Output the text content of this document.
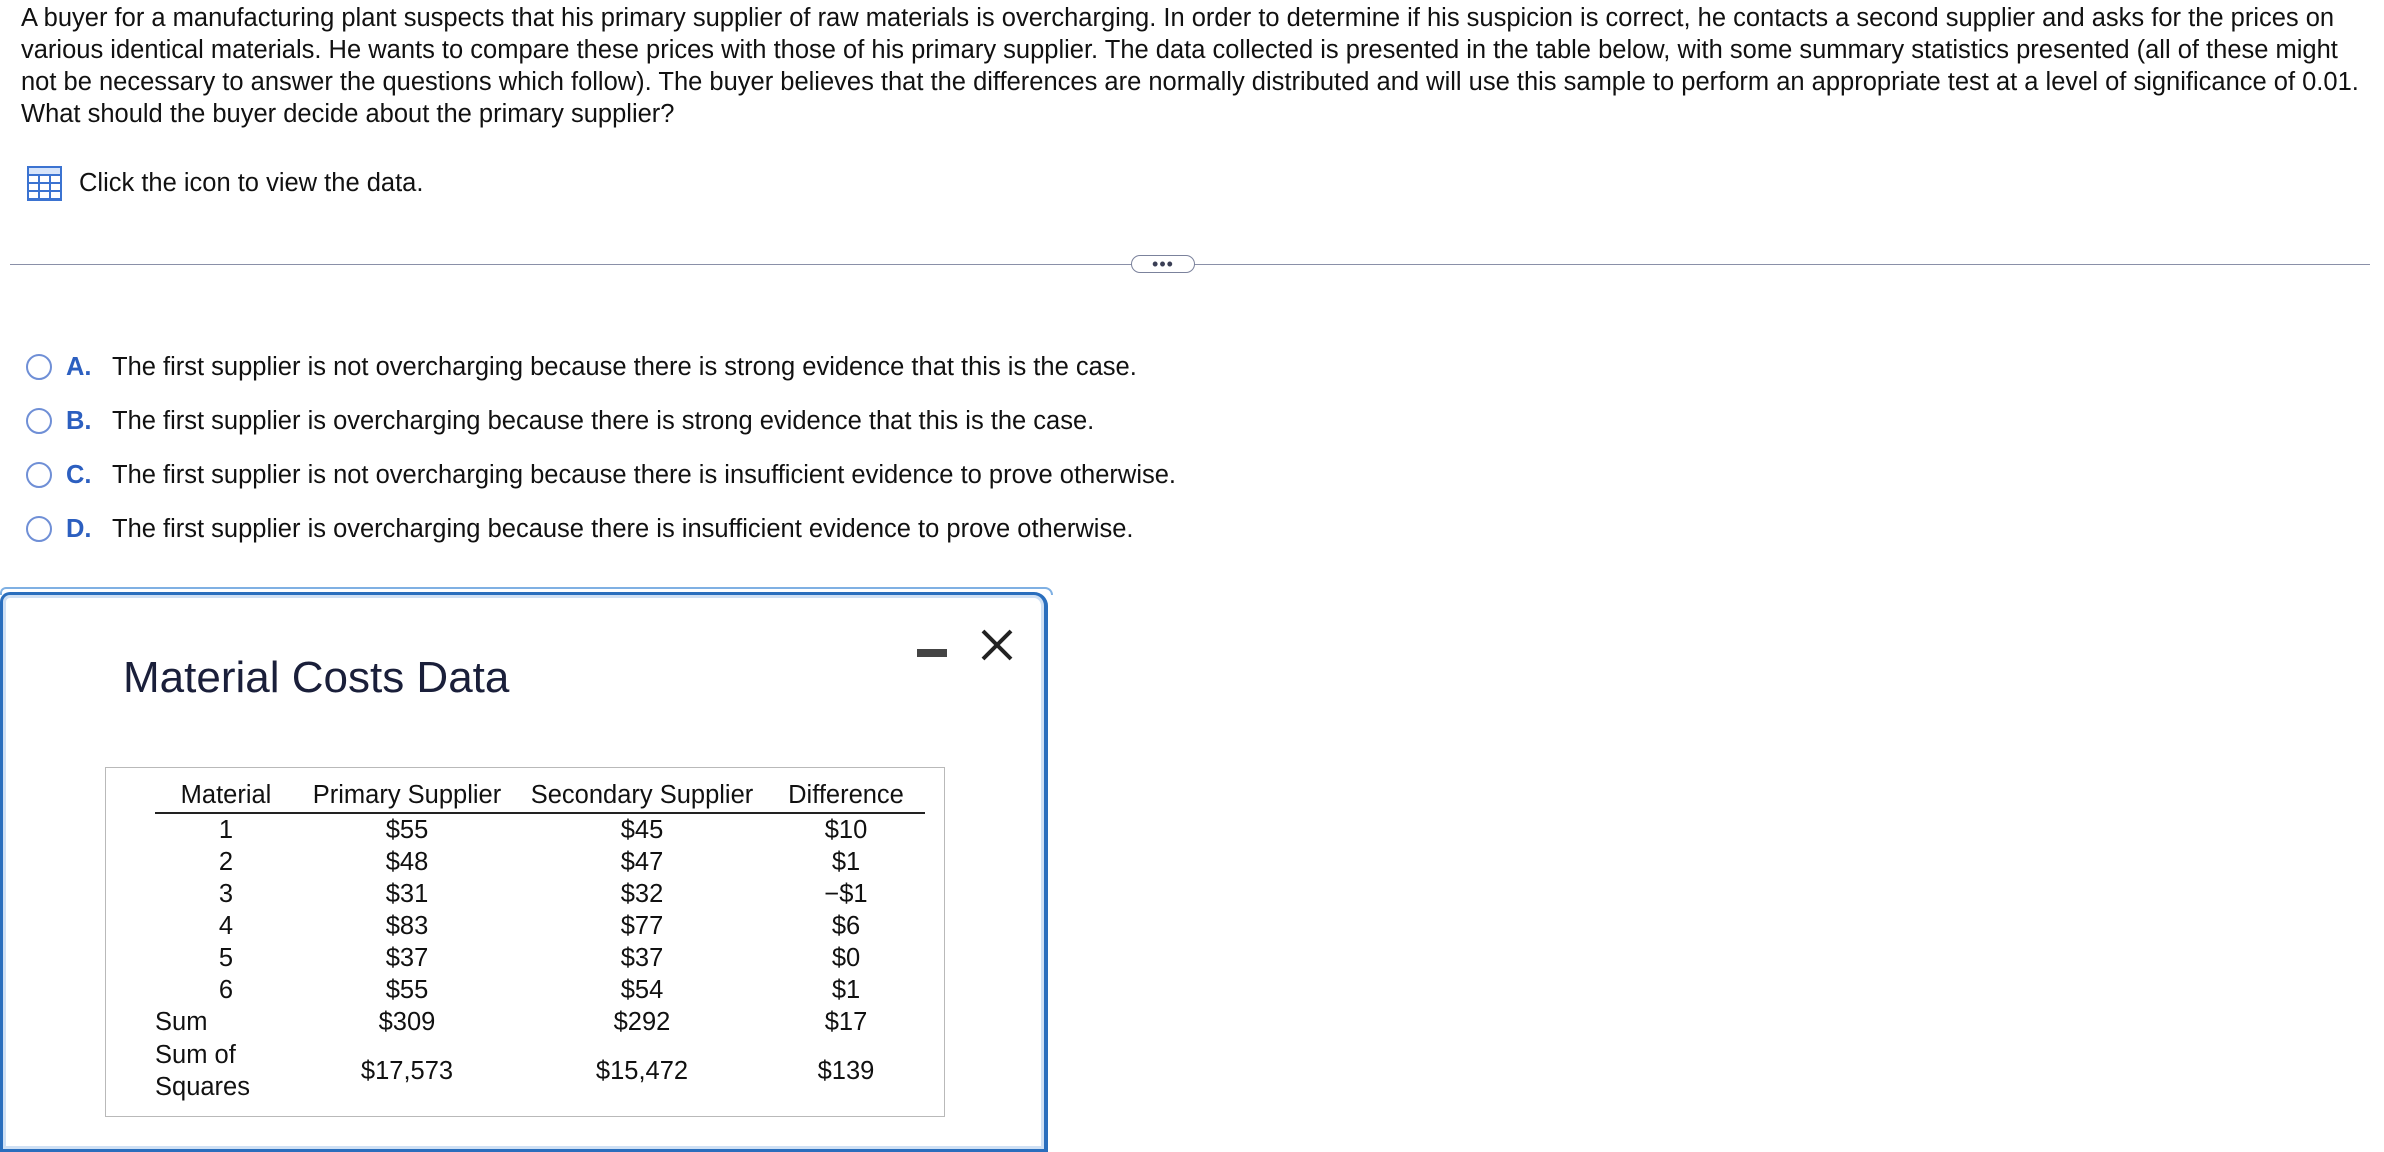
A buyer for a manufacturing plant suspects that his primary supplier of raw materials is overcharging. In order to determine if his suspicion is correct, he contacts a second supplier and asks for the prices on various identical materials. He wants to compare these prices with those of his primary supplier. The data collected is presented in the table below, with some summary statistics presented (all of these might not be necessary to answer the questions which follow). The buyer believes that the differences are normally distributed and will use this sample to perform an appropriate test at a level of significance of 0.01. What should the buyer decide about the primary supplier?
Click the icon to view the data.
•••
A. The first supplier is not overcharging because there is strong evidence that this is the case.
B. The first supplier is overcharging because there is strong evidence that this is the case.
C. The first supplier is not overcharging because there is insufficient evidence to prove otherwise.
D. The first supplier is overcharging because there is insufficient evidence to prove otherwise.
Material Costs Data
Material	Primary Supplier	Secondary Supplier	Difference
1	$55	$45	$10
2	$48	$47	$1
3	$31	$32	−$1
4	$83	$77	$6
5	$37	$37	$0
6	$55	$54	$1
Sum	$309	$292	$17

Sum of
Squares	$17,573	$15,472	$139
